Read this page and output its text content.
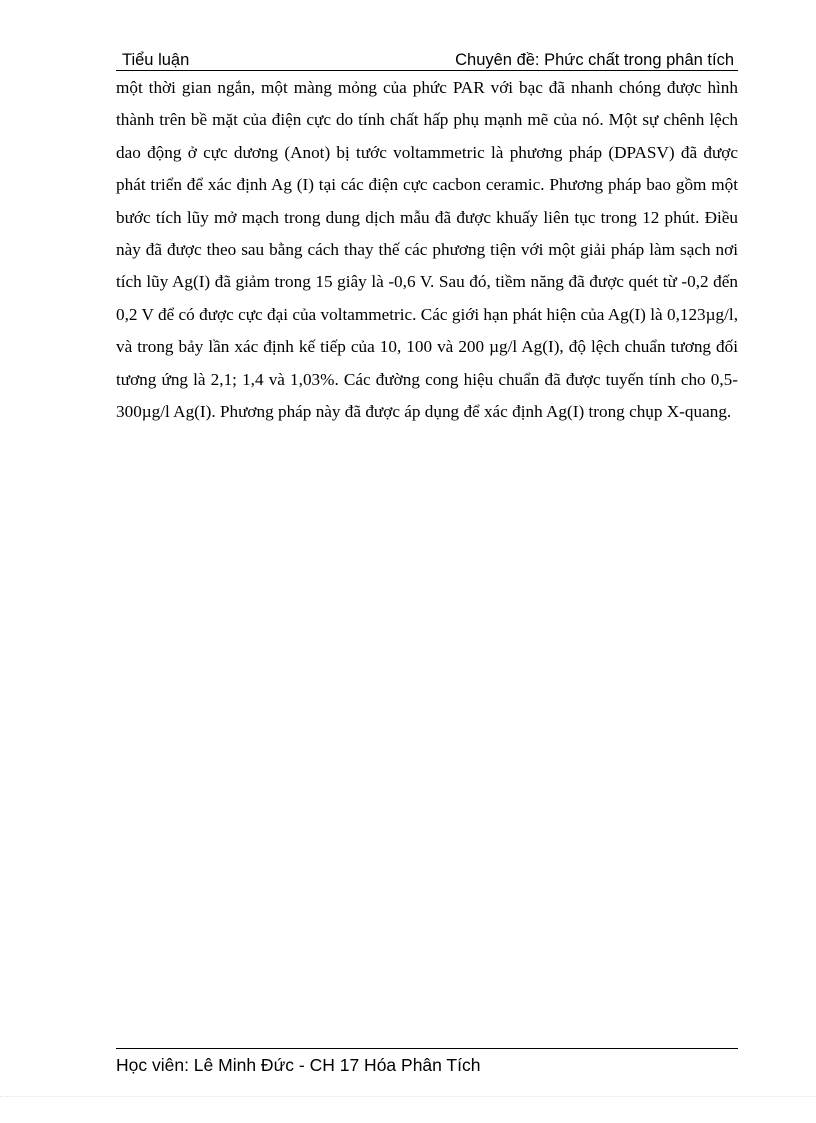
Tiểu luận	Chuyên đề: Phức chất trong phân tích

một thời gian ngắn, một màng mỏng của phức PAR với bạc đã nhanh chóng được hình thành trên bề mặt của điện cực do tính chất hấp phụ mạnh mẽ của nó. Một sự chênh lệch dao động ở cực dương (Anot) bị tước voltammetric là phương pháp (DPASV) đã được phát triển để xác định Ag (I) tại các điện cực cacbon ceramic. Phương pháp bao gồm một bước tích lũy mở mạch trong dung dịch mẫu đã được khuấy liên tục trong 12 phút. Điều này đã được theo sau bằng cách thay thế các phương tiện với một giải pháp làm sạch nơi tích lũy Ag(I) đã giảm trong 15 giây là -0,6 V. Sau đó, tiềm năng đã được quét từ -0,2 đến 0,2 V để có được cực đại của voltammetric. Các giới hạn phát hiện của Ag(I) là 0,123µg/l, và trong bảy lần xác định kế tiếp của 10, 100 và 200 µg/l Ag(I), độ lệch chuẩn tương đối tương ứng là 2,1; 1,4 và 1,03%. Các đường cong hiệu chuẩn đã được tuyến tính cho 0,5-300µg/l Ag(I). Phương pháp này đã được áp dụng để xác định Ag(I) trong chụp X-quang.

Học viên: Lê Minh Đức - CH 17 Hóa Phân Tích
